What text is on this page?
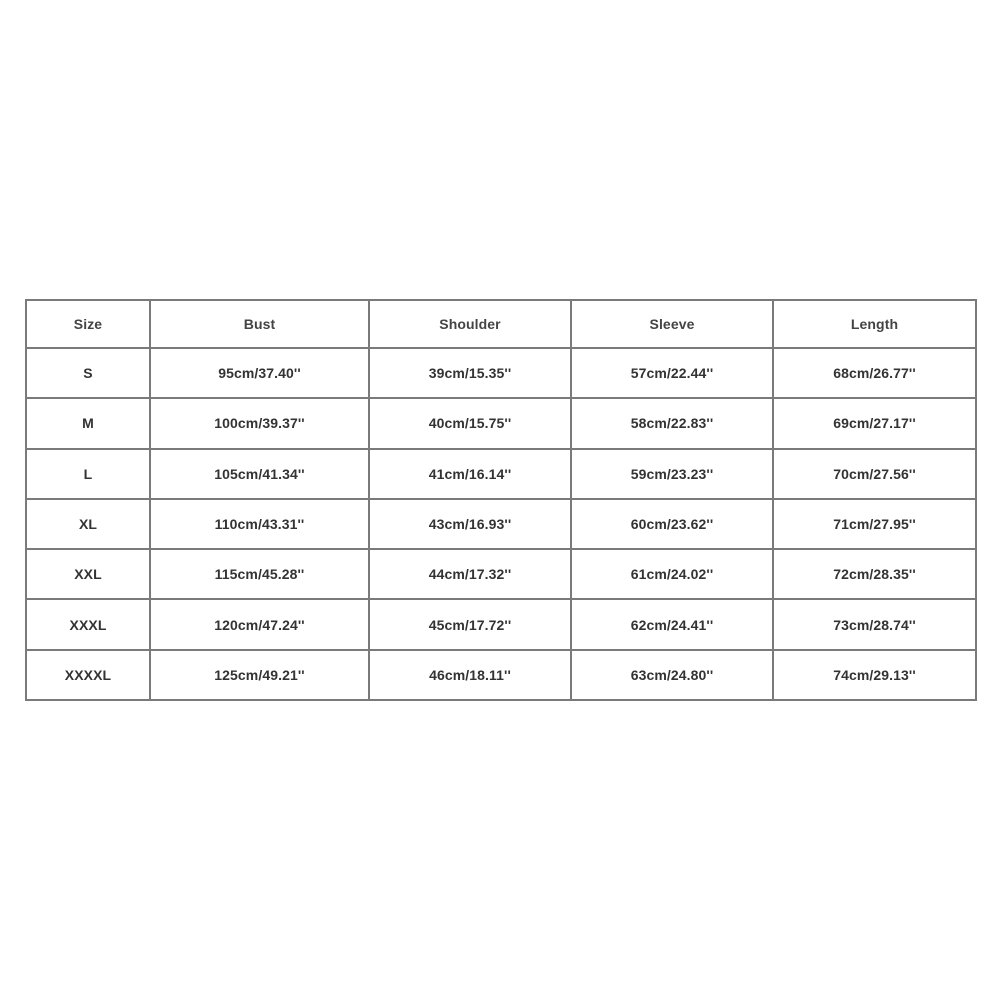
Size	Bust	Shoulder	Sleeve	Length
S	95cm/37.40''	39cm/15.35''	57cm/22.44''	68cm/26.77''
M	100cm/39.37''	40cm/15.75''	58cm/22.83''	69cm/27.17''
L	105cm/41.34''	41cm/16.14''	59cm/23.23''	70cm/27.56''
XL	110cm/43.31''	43cm/16.93''	60cm/23.62''	71cm/27.95''
XXL	115cm/45.28''	44cm/17.32''	61cm/24.02''	72cm/28.35''
XXXL	120cm/47.24''	45cm/17.72''	62cm/24.41''	73cm/28.74''
XXXXL	125cm/49.21''	46cm/18.11''	63cm/24.80''	74cm/29.13''
